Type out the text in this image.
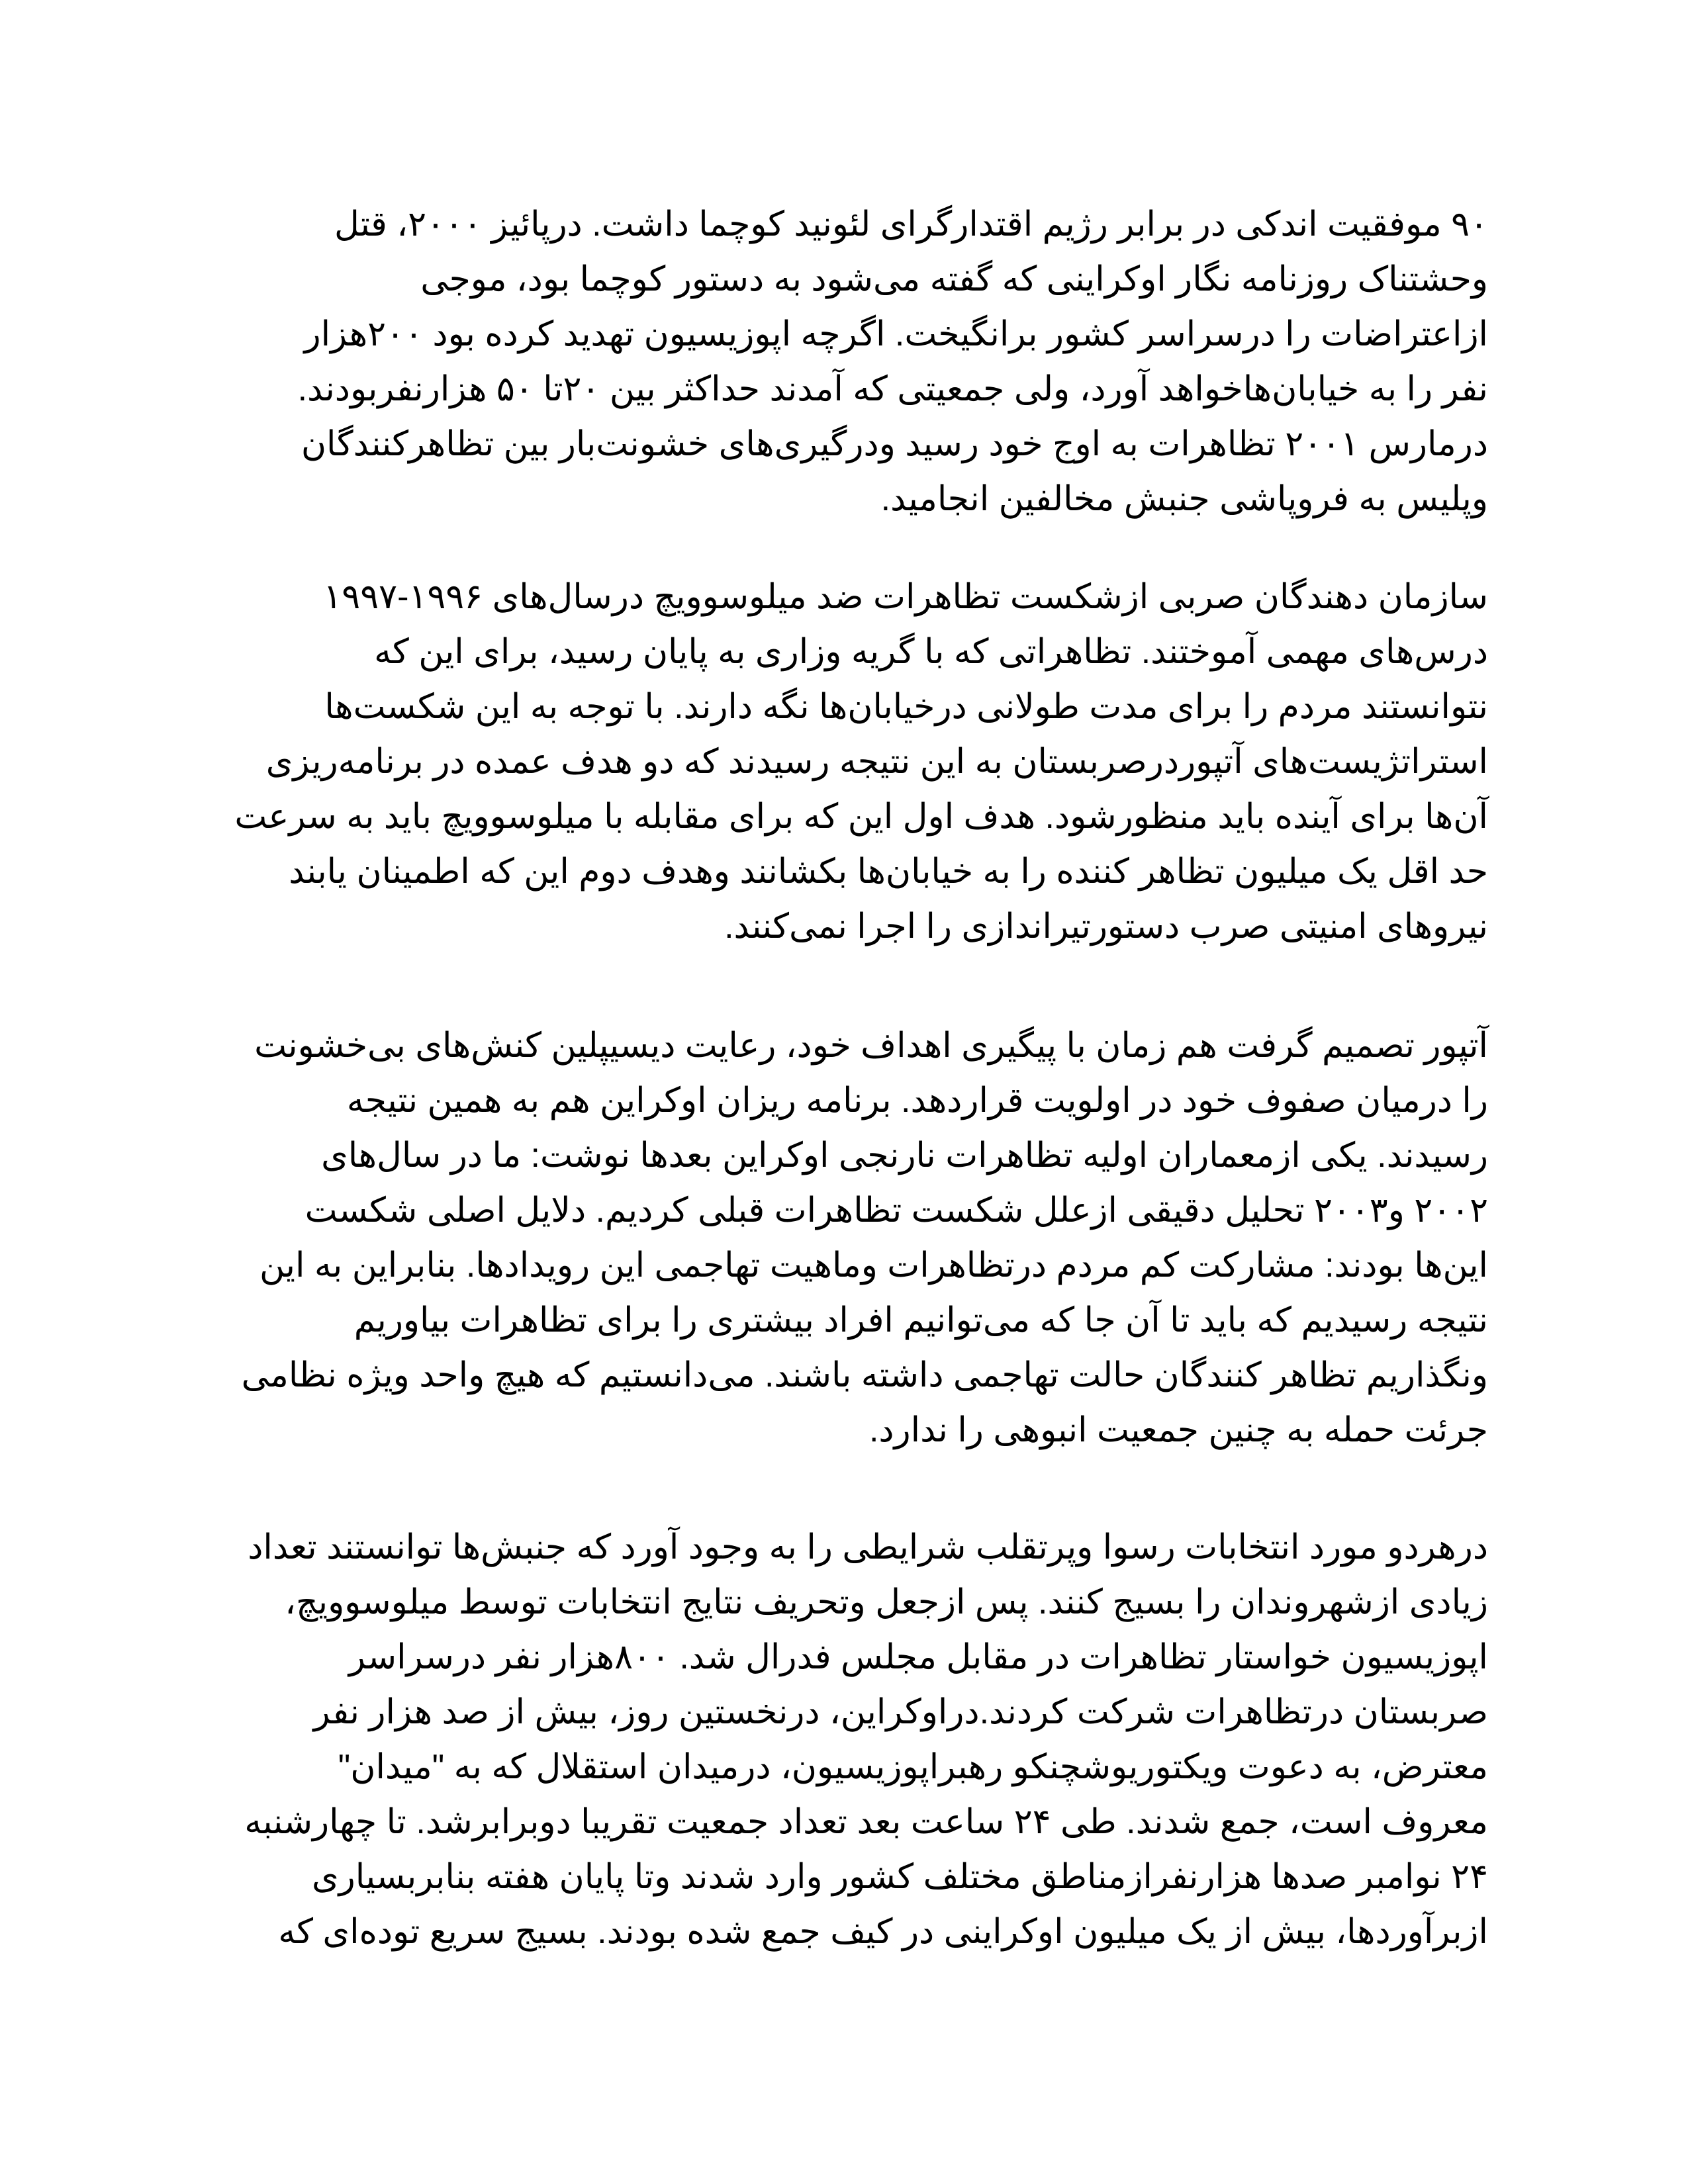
۹۰ موفقیت اندکی در برابر رژیم اقتدارگرای لئونید کوچما داشت. درپائیز ۲۰۰۰، قتل
وحشتناک روزنامه نگار اوکراینی که گفته می‌شود به دستور کوچما بود، موجی
ازاعتراضات را درسراسر کشور برانگیخت. اگرچه اپوزیسیون تهدید کرده بود ۲۰۰هزار
نفر را به خیابان‌هاخواهد آورد، ولی جمعیتی که آمدند حداکثر بین ۲۰تا ۵۰ هزارنفربودند.
درمارس ۲۰۰۱ تظاهرات به اوج خود رسید ودرگیری‌های خشونت‌بار بین تظاهرکنندگان
وپلیس به فروپاشی جنبش مخالفین انجامید.
سازمان دهندگان صربی ازشکست تظاهرات ضد میلوسوویچ درسال‌های ۱۹۹۶-۱۹۹۷
درس‌های مهمی آموختند. تظاهراتی که با گریه وزاری به پایان رسید، برای این که
نتوانستند مردم را برای مدت طولانی درخیابان‌ها نگه دارند. با توجه به این شکست‌ها
استراتژیست‌های آتپوردرصربستان به این نتیجه رسیدند که دو هدف عمده در برنامه‌ریزی
آن‌ها برای آینده باید منظورشود. هدف اول این که برای مقابله با میلوسوویچ باید به سرعت
حد اقل یک میلیون تظاهر کننده را به خیابان‌ها بکشانند وهدف دوم این که اطمینان یابند
نیروهای امنیتی صرب دستورتیراندازی را اجرا نمی‌کنند.
آتپور تصمیم گرفت هم زمان با پیگیری اهداف خود، رعایت دیسیپلین کنش‌های بی‌خشونت
را درمیان صفوف خود در اولویت قراردهد. برنامه ریزان اوکراین هم به همین نتیجه
رسیدند. یکی ازمعماران اولیه تظاهرات نارنجی اوکراین بعدها نوشت: ما در سال‌های
۲۰۰۲ و۲۰۰۳ تحلیل دقیقی ازعلل شکست تظاهرات قبلی کردیم. دلایل اصلی شکست
این‌ها بودند: مشارکت کم مردم درتظاهرات وماهیت تهاجمی این رویدادها. بنابراین به این
نتیجه رسیدیم که باید تا آن جا که می‌توانیم افراد بیشتری را برای تظاهرات بیاوریم
ونگذاریم تظاهر کنندگان حالت تهاجمی داشته باشند. می‌دانستیم که هیچ واحد ویژه نظامی
جرئت حمله به چنین جمعیت انبوهی را ندارد.
درهردو مورد انتخابات رسوا وپرتقلب شرایطی را به وجود آورد که جنبش‌ها توانستند تعداد
زیادی ازشهروندان را بسیج کنند. پس ازجعل وتحریف نتایج انتخابات توسط میلوسوویچ،
اپوزیسیون خواستار تظاهرات در مقابل مجلس فدرال شد. ۸۰۰هزار نفر درسراسر
صربستان درتظاهرات شرکت کردند.دراوکراین، درنخستین روز، بیش از صد هزار نفر
معترض، به دعوت ویکتوریوشچنکو رهبراپوزیسیون، درمیدان استقلال که به "میدان"
معروف است، جمع شدند. طی ۲۴ ساعت بعد تعداد جمعیت تقریبا دوبرابرشد. تا چهارشنبه
۲۴ نوامبر صدها هزارنفرازمناطق مختلف کشور وارد شدند وتا پایان هفته بنابربسیاری
ازبرآوردها، بیش از یک میلیون اوکراینی در کیف جمع شده بودند. بسیج سریع توده‌ای که
